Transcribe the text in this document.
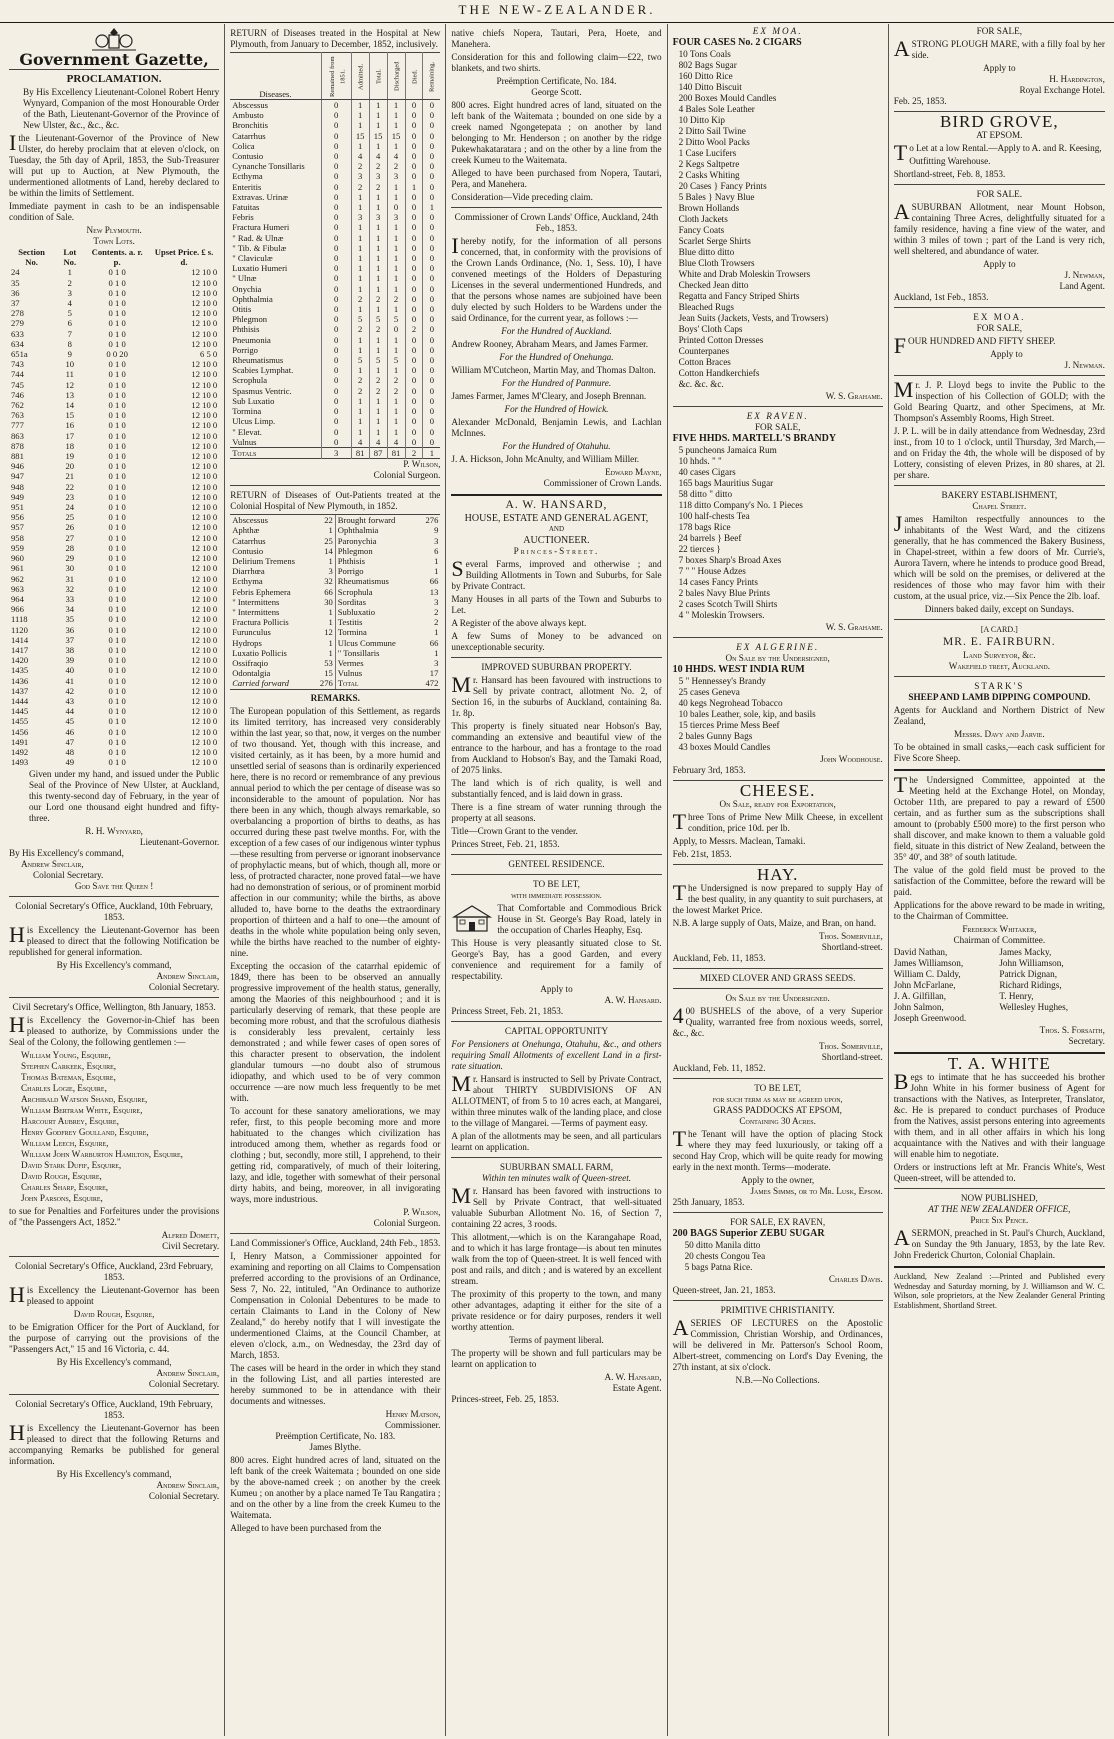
THE NEW-ZEALANDER.
Government Gazette,
PROCLAMATION.
By His Excellency Lieutenant-Colonel Robert Henry Wynyard, Companion of the most Honourable Order of the Bath, Lieutenant-Governor of the Province of New Ulster, &c., &c., &c.
Ithe Lieutenant-Governor of the Province of New Ulster, do hereby proclaim that at eleven o'clock, on Tuesday, the 5th day of April, 1853, the Sub-Treasurer will put up to Auction, at New Plymouth, the undermentioned allotments of Land, hereby declared to be within the limits of Settlement.
Immediate payment in cash to be an indispensable condition of Sale.
New Plymouth.
Town Lots.
Section No.	Lot No.	Contents. a. r. p.	Upset Price. £ s. d.
24	1	0 1 0	12 10 0
35	2	0 1 0	12 10 0
36	3	0 1 0	12 10 0
37	4	0 1 0	12 10 0
278	5	0 1 0	12 10 0
279	6	0 1 0	12 10 0
633	7	0 1 0	12 10 0
634	8	0 1 0	12 10 0
651a	9	0 0 20	6 5 0
743	10	0 1 0	12 10 0
744	11	0 1 0	12 10 0
745	12	0 1 0	12 10 0
746	13	0 1 0	12 10 0
762	14	0 1 0	12 10 0
763	15	0 1 0	12 10 0
777	16	0 1 0	12 10 0
863	17	0 1 0	12 10 0
878	18	0 1 0	12 10 0
881	19	0 1 0	12 10 0
946	20	0 1 0	12 10 0
947	21	0 1 0	12 10 0
948	22	0 1 0	12 10 0
949	23	0 1 0	12 10 0
951	24	0 1 0	12 10 0
956	25	0 1 0	12 10 0
957	26	0 1 0	12 10 0
958	27	0 1 0	12 10 0
959	28	0 1 0	12 10 0
960	29	0 1 0	12 10 0
961	30	0 1 0	12 10 0
962	31	0 1 0	12 10 0
963	32	0 1 0	12 10 0
964	33	0 1 0	12 10 0
966	34	0 1 0	12 10 0
1118	35	0 1 0	12 10 0
1120	36	0 1 0	12 10 0
1414	37	0 1 0	12 10 0
1417	38	0 1 0	12 10 0
1420	39	0 1 0	12 10 0
1435	40	0 1 0	12 10 0
1436	41	0 1 0	12 10 0
1437	42	0 1 0	12 10 0
1444	43	0 1 0	12 10 0
1445	44	0 1 0	12 10 0
1455	45	0 1 0	12 10 0
1456	46	0 1 0	12 10 0
1491	47	0 1 0	12 10 0
1492	48	0 1 0	12 10 0
1493	49	0 1 0	12 10 0
Given under my hand, and issued under the Public Seal of the Province of New Ulster, at Auckland, this twenty-second day of February, in the year of our Lord one thousand eight hundred and fifty-three.
R. H. Wynyard,
Lieutenant-Governor.
By His Excellency's command,
Andrew Sinclair,
Colonial Secretary.
God Save the Queen !
Colonial Secretary's Office, Auckland, 10th February, 1853.
His Excellency the Lieutenant-Governor has been pleased to direct that the following Notification be republished for general information.
By His Excellency's command,
Andrew Sinclair,
Colonial Secretary.
Civil Secretary's Office, Wellington, 8th January, 1853.
His Excellency the Governor-in-Chief has been pleased to authorize, by Commissions under the Seal of the Colony, the following gentlemen :—
William Young, Esquire,
Stephen Carkeek, Esquire,
Thomas Bateman, Esquire,
Charles Logie, Esquire,
Archibald Watson Shand, Esquire,
William Bertram White, Esquire,
Harcourt Aubrey, Esquire,
Henry Godfrey Goulland, Esquire,
William Leech, Esquire,
William John Warburton Hamilton, Esquire,
David Stark Dufif, Esquire,
David Rough, Esquire,
Charles Sharp, Esquire,
John Parsons, Esquire,
to sue for Penalties and Forfeitures under the provisions of "the Passengers Act, 1852."
Alfred Domett,
Civil Secretary.
Colonial Secretary's Office, Auckland, 23rd February, 1853.
His Excellency the Lieutenant-Governor has been pleased to appoint
David Rough, Esquire,
to be Emigration Officer for the Port of Auckland, for the purpose of carrying out the provisions of the "Passengers Act," 15 and 16 Victoria, c. 44.
By His Excellency's command,
Andrew Sinclair,
Colonial Secretary.
Colonial Secretary's Office, Auckland, 19th February, 1853.
His Excellency the Lieutenant-Governor has been pleased to direct that the following Returns and accompanying Remarks be published for general information.
By His Excellency's command,
Andrew Sinclair,
Colonial Secretary.
RETURN of Diseases treated in the Hospital at New Plymouth, from January to December, 1852, inclusively.
Diseases.	Remained from 1851.	Admitted.	Total.	Discharged	Died.	Remaining.
Abscessus	0	1	1	1	0	0
Ambusto	0	1	1	1	0	0
Bronchitis	0	1	1	1	0	0
Catarrhus	0	15	15	15	0	0
Colica	0	1	1	1	0	0
Contusio	0	4	4	4	0	0
Cynanche Tonsillaris	0	2	2	2	0	0
Ecthyma	0	3	3	3	0	0
Enteritis	0	2	2	1	1	0
Extravas. Urinæ	0	1	1	1	0	0
Fatuitas	0	1	1	0	0	1
Febris	0	3	3	3	0	0
Fractura Humeri	0	1	1	1	0	0
" Rad. & Ulnæ	0	1	1	1	0	0
" Tib. & Fibulæ	0	1	1	1	0	0
" Claviculæ	0	1	1	1	0	0
Luxatio Humeri	0	1	1	1	0	0
" Ulnæ	0	1	1	1	0	0
Onychia	0	1	1	1	0	0
Ophthalmia	0	2	2	2	0	0
Otitis	0	1	1	1	0	0
Phlegmon	0	5	5	5	0	0
Phthisis	0	2	2	0	2	0
Pneumonia	0	1	1	1	0	0
Porrigo	0	1	1	1	0	0
Rheumatismus	0	5	5	5	0	0
Scabies Lymphat.	0	1	1	1	0	0
Scrophula	0	2	2	2	0	0
Spasmus Ventric.	0	2	2	2	0	0
Sub Luxatio	0	1	1	1	0	0
Tormina	0	1	1	1	0	0
Ulcus Limp.	0	1	1	1	0	0
" Elevat.	0	1	1	1	0	0
Vulnus	0	4	4	4	0	0
Totals	3	81	87	81	2	1
P. Wilson,
Colonial Surgeon.
RETURN of Diseases of Out-Patients treated at the Colonial Hospital of New Plymouth, in 1852.
Abscessus	22
Aphthæ	1
Catarrhus	25
Contusio	14
Delirium Tremens	1
Diarrhœa	3
Ecthyma	32
Febris Ephemera	66
" Intermittens	30
" Intermittens	1
Fractura Pollicis	1
Furunculus	12
Hydrops	1
Luxatio Pollicis	1
Ossifraqio	53
Odontalgia	15
Carried forward	276
Brought forward	276
Ophthalmia	9
Paronychia	3
Phlegmon	6
Phthisis	1
Porrigo	1
Rheumatismus	66
Scrophula	13
Sorditas	3
Subluxatio	2
Testitis	2
Tormina	1
Ulcus Commune	66
" Tonsillaris	1
Vermes	3
Vulnus	17
Total	472
REMARKS.
The European population of this Settlement, as regards its limited territory, has increased very considerably within the last year, so that, now, it verges on the number of two thousand. Yet, though with this increase, and visited certainly, as it has been, by a more humid and unsettled serial of seasons than is ordinarily experienced here, there is no record or remembrance of any previous annual period to which the per centage of disease was so inconsiderable to the amount of population. Nor has there been in any which, though always remarkable, so overbalancing a proportion of births to deaths, as has occurred during these past twelve months. For, with the exception of a few cases of our indigenous winter typhus —these resulting from perverse or ignorant inobservance of prophylactic means, but of which, though all, more or less, of protracted character, none proved fatal—we have had no demonstration of serious, or of prominent morbid affection in our community; while the births, as above alluded to, have borne to the deaths the extraordinary proportion of thirteen and a half to one—the amount of deaths in the whole white population being only seven, while the births have reached to the number of eighty-nine.
Excepting the occasion of the catarrhal epidemic of 1849, there has been to be observed an annually progressive improvement of the health status, generally, among the Maories of this neighbourhood ; and it is particularly deserving of remark, that these people are becoming more robust, and that the scrofulous diathesis is considerably less prevalent, certainly less demonstrated ; and while fewer cases of open sores of this character present to observation, the indolent glandular tumours —no doubt also of strumous idiopathy, and which used to be of very common occurrence —are now much less frequently to be met with.
To account for these sanatory ameliorations, we may refer, first, to this people becoming more and more habituated to the changes which civilization has introduced among them, whether as regards food or clothing ; but, secondly, more still, I apprehend, to their getting rid, comparatively, of much of their loitering, lazy, and idle, together with somewhat of their personal dirty habits, and being, moreover, in all invigorating ways, more industrious.
P. Wilson,
Colonial Surgeon.
Land Commissioner's Office, Auckland, 24th Feb., 1853.
I, Henry Matson, a Commissioner appointed for examining and reporting on all Claims to Compensation preferred according to the provisions of an Ordinance, Sess 7, No. 22, intituled, "An Ordinance to authorize Compensation in Colonial Debentures to be made to certain Claimants to Land in the Colony of New Zealand," do hereby notify that I will investigate the undermentioned Claims, at the Council Chamber, at eleven o'clock, a.m., on Wednesday, the 23rd day of March, 1853.
The cases will be heard in the order in which they stand in the following List, and all parties interested are hereby summoned to be in attendance with their documents and witnesses.
Henry Matson,
Commissioner.
Preëmption Certificate, No. 183.
James Blythe.
800 acres. Eight hundred acres of land, situated on the left bank of the creek Waitemata ; bounded on one side by the above-named creek ; on another by the creek Kumeu ; on another by a place named Te Tau Rangatira ; and on the other by a line from the creek Kumeu to the Waitemata.
Alleged to have been purchased from the
native chiefs Nopera, Tautari, Pera, Hoete, and Manehera.
Consideration for this and following claim—£22, two blankets, and two shirts.
Preëmption Certificate, No. 184.
George Scott.
800 acres. Eight hundred acres of land, situated on the left bank of the Waitemata ; bounded on one side by a creek named Ngongetepata ; on another by land belonging to Mr. Henderson ; on another by the ridge Pukewhakataratara ; and on the other by a line from the creek Kumeu to the Waitemata.
Alleged to have been purchased from Nopera, Tautari, Pera, and Manehera.
Consideration—Vide preceding claim.
Commissioner of Crown Lands' Office, Auckland, 24th Feb., 1853.
Ihereby notify, for the information of all persons concerned, that, in conformity with the provisions of the Crown Lands Ordinance, (No. 1, Sess. 10), I have convened meetings of the Holders of Depasturing Licenses in the several undermentioned Hundreds, and that the persons whose names are subjoined have been duly elected by such Holders to be Wardens under the said Ordinance, for the current year, as follows :—
For the Hundred of Auckland.
Andrew Rooney, Abraham Mears, and James Farmer.
For the Hundred of Onehunga.
William M'Cutcheon, Martin May, and Thomas Dalton.
For the Hundred of Panmure.
James Farmer, James M'Cleary, and Joseph Brennan.
For the Hundred of Howick.
Alexander McDonald, Benjamin Lewis, and Lachlan McInnes.
For the Hundred of Otahuhu.
J. A. Hickson, John McAnulty, and William Miller.
Edward Mayne,
Commissioner of Crown Lands.
A. W. HANSARD,
HOUSE, ESTATE AND GENERAL AGENT,
AND
AUCTIONEER.
Princes-Street.
Several Farms, improved and otherwise ; and Building Allotments in Town and Suburbs, for Sale by Private Contract.
Many Houses in all parts of the Town and Suburbs to Let.
A Register of the above always kept.
A few Sums of Money to be advanced on unexceptionable security.
IMPROVED SUBURBAN PROPERTY.
Mr. Hansard has been favoured with instructions to Sell by private contract, allotment No. 2, of Section 16, in the suburbs of Auckland, containing 8a. 1r. 8p.
This property is finely situated near Hobson's Bay, commanding an extensive and beautiful view of the entrance to the harbour, and has a frontage to the road from Auckland to Hobson's Bay, and the Tamaki Road, of 2075 links.
The land which is of rich quality, is well and substantially fenced, and is laid down in grass.
There is a fine stream of water running through the property at all seasons.
Title—Crown Grant to the vender.
Princes Street, Feb. 21, 1853.
GENTEEL RESIDENCE.
TO BE LET,
with immediate possession.
That Comfortable and Commodious Brick House in St. George's Bay Road, lately in the occupation of Charles Heaphy, Esq.
This House is very pleasantly situated close to St. George's Bay, has a good Garden, and every convenience and requirement for a family of respectability.
Apply to
A. W. Hansard.
Princess Street, Feb. 21, 1853.
CAPITAL OPPORTUNITY
For Pensioners at Onehunga, Otahuhu, &c., and others requiring Small Allotments of excellent Land in a first-rate situation.
Mr. Hansard is instructed to Sell by Private Contract, about THIRTY SUBDIVISIONS OF AN ALLOTMENT, of from 5 to 10 acres each, at Mangarei, within three minutes walk of the landing place, and close to the village of Mangarei. —Terms of payment easy.
A plan of the allotments may be seen, and all particulars learnt on application.
SUBURBAN SMALL FARM,
Within ten minutes walk of Queen-street.
Mr. Hansard has been favored with instructions to Sell by Private Contract, that well-situated valuable Suburban Allotment No. 16, of Section 7, containing 22 acres, 3 roods.
This allotment,—which is on the Karangahape Road, and to which it has large frontage—is about ten minutes walk from the top of Queen-street. It is well fenced with post and rails, and ditch ; and is watered by an excellent stream.
The proximity of this property to the town, and many other advantages, adapting it either for the site of a private residence or for dairy purposes, renders it well worthy attention.
Terms of payment liberal.
The property will be shown and full particulars may be learnt on application to
A. W. Hansard,
Estate Agent.
Princes-street, Feb. 25, 1853.
EX MOA.
FOUR CASES No. 2 CIGARS
10 Tons Coals
802 Bags Sugar
160 Ditto Rice
140 Ditto Biscuit
200 Boxes Mould Candles
4 Bales Sole Leather
10 Ditto Kip
2 Ditto Sail Twine
2 Ditto Wool Packs
1 Case Lucifers
2 Kegs Saltpetre
2 Casks Whiting
20 Cases } Fancy Prints
5 Bales } Navy Blue
Brown Hollands
Cloth Jackets
Fancy Coats
Scarlet Serge Shirts
Blue ditto ditto
Blue Cloth Trowsers
White and Drab Moleskin Trowsers
Checked Jean ditto
Regatta and Fancy Striped Shirts
Bleached Rugs
Jean Suits (Jackets, Vests, and Trowsers)
Boys' Cloth Caps
Printed Cotton Dresses
Counterpanes
Cotton Braces
Cotton Handkerchiefs
&c. &c. &c.
W. S. Grahame.
EX RAVEN.
FOR SALE,
FIVE HHDS. MARTELL'S BRANDY
5 puncheons Jamaica Rum
10 hhds. " "
40 cases Cigars
165 bags Mauritius Sugar
58 ditto " ditto
118 ditto Company's No. 1 Pieces
100 half-chests Tea
178 bags Rice
24 barrels } Beef
22 tierces }
7 boxes Sharp's Broad Axes
7 " " House Adzes
14 cases Fancy Prints
2 bales Navy Blue Prints
2 cases Scotch Twill Shirts
4 " Moleskin Trowsers.
W. S. Grahame.
EX ALGERINE.
On Sale by the Undersigned,
10 HHDS. WEST INDIA RUM
5 " Hennessey's Brandy
25 cases Geneva
40 kegs Negrohead Tobacco
10 bales Leather, sole, kip, and basils
15 tierces Prime Mess Beef
2 bales Gunny Bags
43 boxes Mould Candles
John Woodhouse.
February 3rd, 1853.
CHEESE.
On Sale, ready for Exportation,
Three Tons of Prime New Milk Cheese, in excellent condition, price 10d. per lb.
Apply, to Messrs. Maclean, Tamaki.
Feb. 21st, 1853.
HAY.
The Undersigned is now prepared to supply Hay of the best quality, in any quantity to suit purchasers, at the lowest Market Price.
N.B. A large supply of Oats, Maize, and Bran, on hand.
Thos. Somerville,
Shortland-street.
Auckland, Feb. 11, 1853.
MIXED CLOVER AND GRASS SEEDS.
On Sale by the Undersigned.
400 BUSHELS of the above, of a very Superior Quality, warranted free from noxious weeds, sorrel, &c., &c.
Thos. Somerville,
Shortland-street.
Auckland, Feb. 11, 1852.
TO BE LET,
for such term as may be agreed upon,
GRASS PADDOCKS AT EPSOM,
Containing 30 Acres.
The Tenant will have the option of placing Stock where they may feed luxuriously, or taking off a second Hay Crop, which will be quite ready for mowing early in the next month. Terms—moderate.
Apply to the owner,
James Simms, or to Mr. Lusk, Epsom.
25th January, 1853.
FOR SALE, EX RAVEN,
200 BAGS Superior ZEBU SUGAR
50 ditto Manila ditto
20 chests Congou Tea
5 bags Patna Rice.
Charles Davis.
Queen-street, Jan. 21, 1853.
PRIMITIVE CHRISTIANITY.
ASERIES OF LECTURES on the Apostolic Commission, Christian Worship, and Ordinances, will be delivered in Mr. Patterson's School Room, Albert-street, commencing on Lord's Day Evening, the 27th instant, at six o'clock.
N.B.—No Collections.
FOR SALE,
ASTRONG PLOUGH MARE, with a filly foal by her side.
Apply to
H. Hardington,
Royal Exchange Hotel.
Feb. 25, 1853.
BIRD GROVE,
AT EPSOM.
To Let at a low Rental.—Apply to A. and R. Keesing,
Outfitting Warehouse.
Shortland-street, Feb. 8, 1853.
FOR SALE.
ASUBURBAN Allotment, near Mount Hobson, containing Three Acres, delightfully situated for a family residence, having a fine view of the water, and within 3 miles of town ; part of the Land is very rich, well sheltered, and abundance of water.
Apply to
J. Newman,
Land Agent.
Auckland, 1st Feb., 1853.
EX MOA.
FOR SALE,
FOUR HUNDRED AND FIFTY SHEEP.
Apply to
J. Newman.
Mr. J. P. Lloyd begs to invite the Public to the inspection of his Collection of GOLD; with the Gold Bearing Quartz, and other Specimens, at Mr. Thompson's Assembly Rooms, High Street.
J. P. L. will be in daily attendance from Wednesday, 23rd inst., from 10 to 1 o'clock, until Thursday, 3rd March,—and on Friday the 4th, the whole will be disposed of by Lottery, consisting of eleven Prizes, in 80 shares, at 2l. per share.
BAKERY ESTABLISHMENT,
Chapel Street.
James Hamilton respectfully announces to the inhabitants of the West Ward, and the citizens generally, that he has commenced the Bakery Business, in Chapel-street, within a few doors of Mr. Currie's, Aurora Tavern, where he intends to produce good Bread, which will be sold on the premises, or delivered at the residences of those who may favor him with their custom, at the usual price, viz.—Six Pence the 2lb. loaf.
Dinners baked daily, except on Sundays.
[A CARD.]
MR. E. FAIRBURN.
Land Surveyor, &c.
Wakefield treet, Auckland.
STARK'S
SHEEP AND LAMB DIPPING COMPOUND.
Agents for Auckland and Northern District of New Zealand,
Messrs. Davy and Jarvie.
To be obtained in small casks,—each cask sufficient for Five Score Sheep.
The Undersigned Committee, appointed at the Meeting held at the Exchange Hotel, on Monday, October 11th, are prepared to pay a reward of £500 certain, and as further sum as the subscriptions shall amount to (probably £500 more) to the first person who shall discover, and make known to them a valuable gold field, situate in this district of New Zealand, between the 35° 40', and 38° of south latitude.
The value of the gold field must be proved to the satisfaction of the Committee, before the reward will be paid.
Applications for the above reward to be made in writing, to the Chairman of Committee.
Frederick Whitaker,
Chairman of Committee.
David Nathan,
James Williamson,
William C. Daldy,
John McFarlane,
J. A. Gilfillan,
John Salmon,
Joseph Greenwood.
James Macky,
John Williamson,
Patrick Dignan,
Richard Ridings,
T. Henry,
Wellesley Hughes,
Thos. S. Forsaith,
Secretary.
T. A. WHITE
Begs to intimate that he has succeeded his brother John White in his former business of Agent for transactions with the Natives, as Interpreter, Translator, &c. He is prepared to conduct purchases of Produce from the Natives, assist persons entering into agreements with them, and in all other affairs in which his long acquaintance with the Natives and with their language will enable him to negotiate.
Orders or instructions left at Mr. Francis White's, West Queen-street, will be attended to.
NOW PUBLISHED,
AT THE NEW ZEALANDER OFFICE,
Price Six Pence.
ASERMON, preached in St. Paul's Church, Auckland, on Sunday the 9th January, 1853, by the late Rev. John Frederick Churton, Colonial Chaplain.
Auckland, New Zealand :—Printed and Published every Wednesday and Saturday morning, by J. Williamson and W. C. Wilson, sole proprietors, at the New Zealander General Printing Establishment, Shortland Street.
